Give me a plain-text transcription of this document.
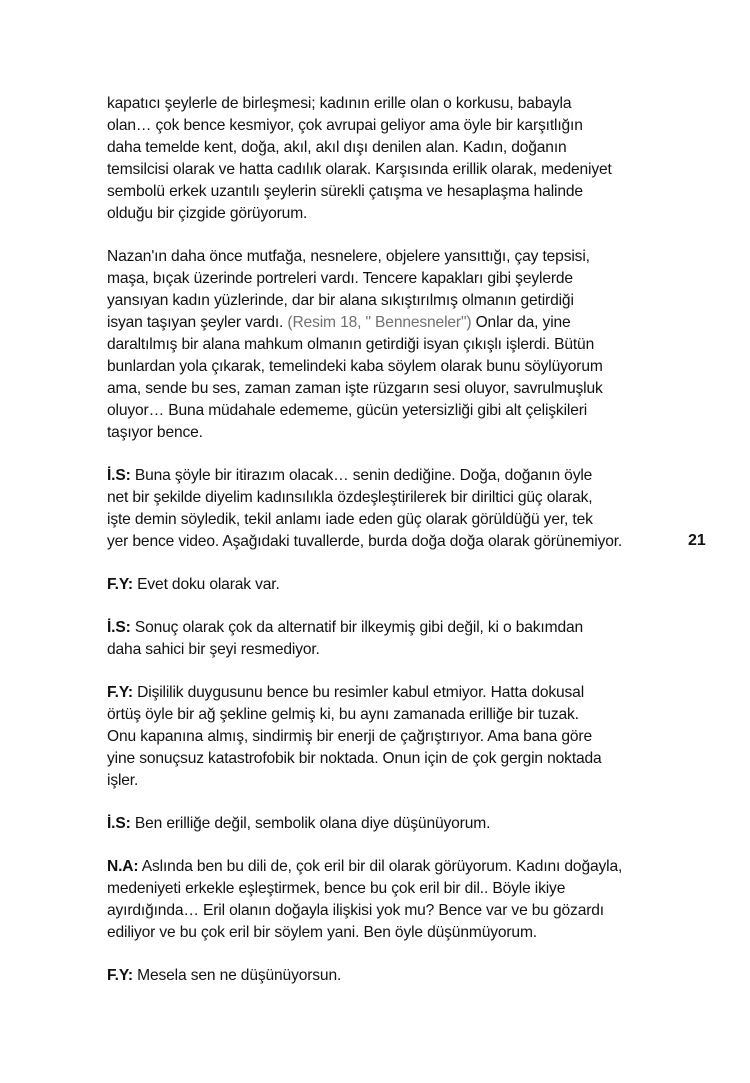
kapatıcı şeylerle de birleşmesi; kadının erille olan o korkusu, babayla
olan… çok bence kesmiyor, çok avrupai geliyor ama öyle bir karşıtlığın
daha temelde kent, doğa, akıl, akıl dışı denilen alan. Kadın, doğanın
temsilcisi olarak ve hatta cadılık olarak. Karşısında erillik olarak, medeniyet
sembolü erkek uzantılı şeylerin sürekli çatışma ve hesaplaşma halinde
olduğu bir çizgide görüyorum.

Nazan'ın daha önce mutfağa, nesnelere, objelere yansıttığı, çay tepsisi,
maşa, bıçak üzerinde portreleri vardı. Tencere kapakları gibi şeylerde
yansıyan kadın yüzlerinde, dar bir alana sıkıştırılmış olmanın getirdiği
isyan taşıyan şeyler vardı. (Resim 18, " Bennesneler") Onlar da, yine
daraltılmış bir alana mahkum olmanın getirdiği isyan çıkışlı işlerdi. Bütün
bunlardan yola çıkarak, temelindeki kaba söylem olarak bunu söylüyorum
ama, sende bu ses, zaman zaman işte rüzgarın sesi oluyor, savrulmuşluk
oluyor… Buna müdahale edememe, gücün yetersizliği gibi alt çelişkileri
taşıyor bence.

İ.S: Buna şöyle bir itirazım olacak… senin dediğine. Doğa, doğanın öyle
net bir şekilde diyelim kadınsılıkla özdeşleştirilerek bir diriltici güç olarak,
işte demin söyledik, tekil anlamı iade eden güç olarak görüldüğü yer, tek
yer bence video. Aşağıdaki tuvallerde, burda doğa doğa olarak görünemiyor.

F.Y: Evet doku olarak var.

İ.S: Sonuç olarak çok da alternatif bir ilkeymiş gibi değil, ki o bakımdan
daha sahici bir şeyi resmediyor.

F.Y: Dişililik duygusunu bence bu resimler kabul etmiyor. Hatta dokusal
örtüş öyle bir ağ şekline gelmiş ki, bu aynı zamanada erilliğe bir tuzak.
Onu kapanına almış, sindirmiş bir enerji de çağrıştırıyor. Ama bana göre
yine sonuçsuz katastrofobik bir noktada. Onun için de çok gergin noktada
işler.

İ.S: Ben erilliğe değil, sembolik olana diye düşünüyorum.

N.A: Aslında ben bu dili de, çok eril bir dil olarak görüyorum. Kadını doğayla,
medeniyeti erkekle eşleştirmek, bence bu çok eril bir dil.. Böyle ikiye
ayırdığında… Eril olanın doğayla ilişkisi yok mu? Bence var ve bu gözardı
ediliyor ve bu çok eril bir söylem yani. Ben öyle düşünmüyorum.

F.Y: Mesela sen ne düşünüyorsun.

21
